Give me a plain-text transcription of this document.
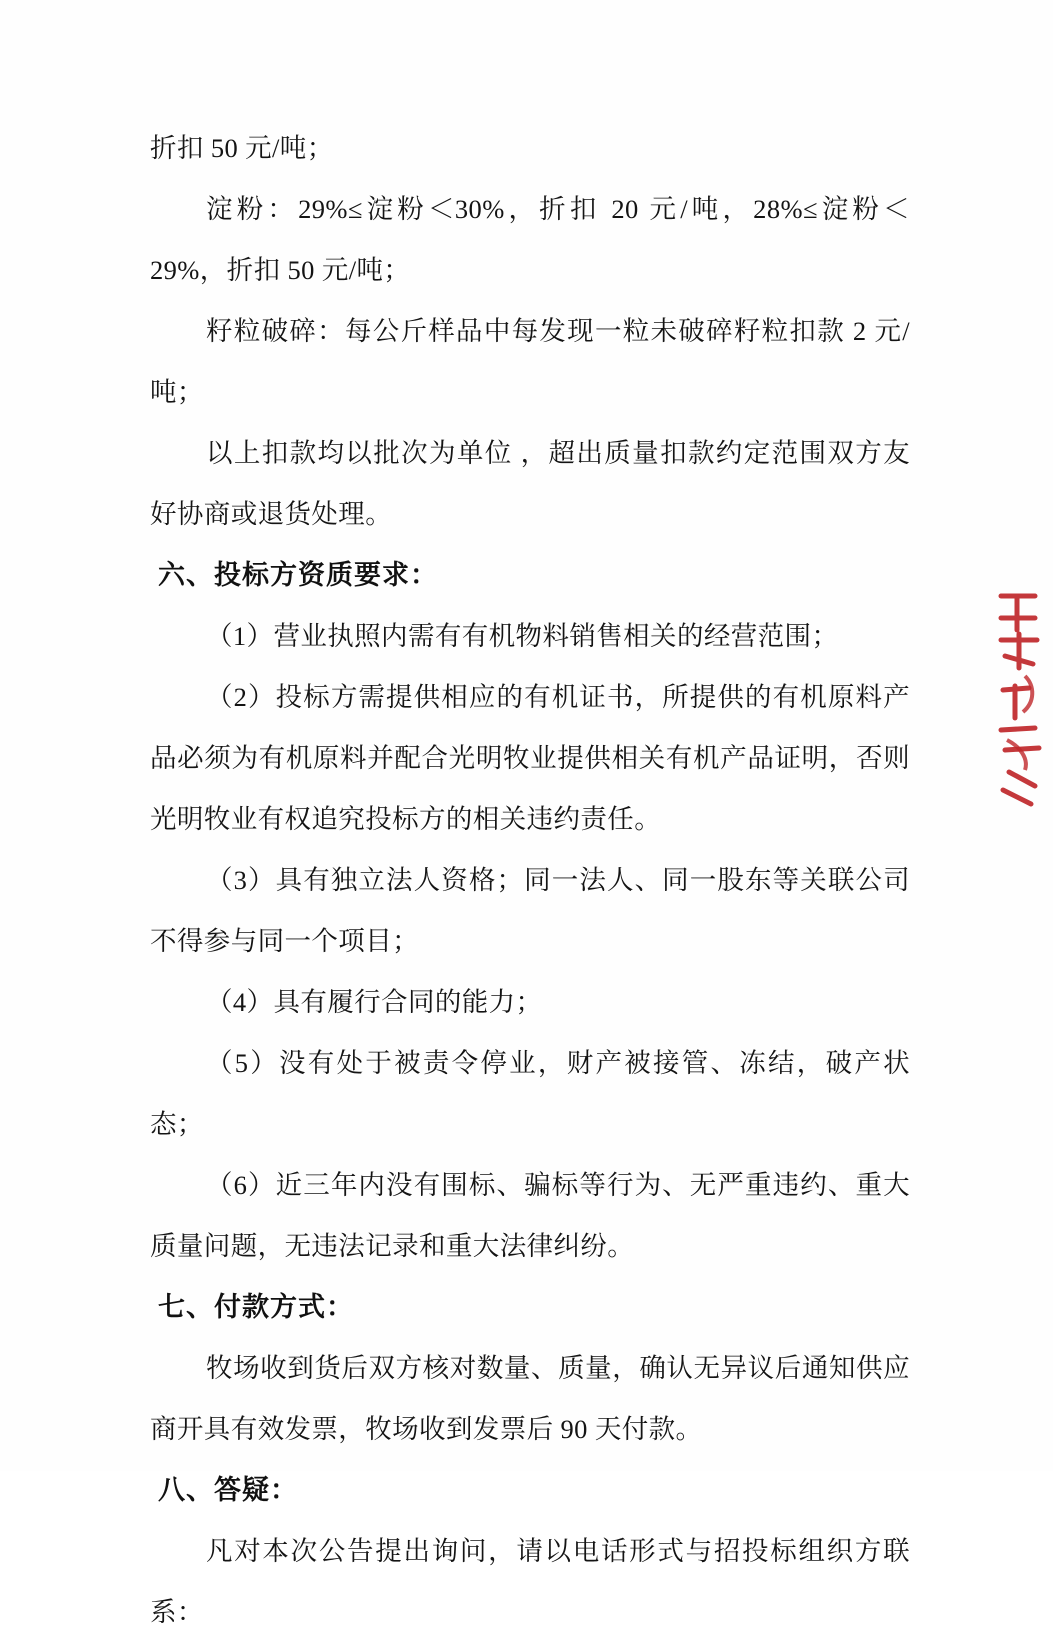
折扣 50 元/吨；

淀粉：29%≤淀粉＜30%，折扣 20 元/吨，28%≤淀粉＜29%，折扣 50 元/吨；

籽粒破碎：每公斤样品中每发现一粒未破碎籽粒扣款 2 元/吨；

以上扣款均以批次为单位 ，超出质量扣款约定范围双方友好协商或退货处理。

六、投标方资质要求：

（1）营业执照内需有有机物料销售相关的经营范围；

（2）投标方需提供相应的有机证书，所提供的有机原料产品必须为有机原料并配合光明牧业提供相关有机产品证明，否则光明牧业有权追究投标方的相关违约责任。

（3）具有独立法人资格；同一法人、同一股东等关联公司不得参与同一个项目；

（4）具有履行合同的能力；

（5）没有处于被责令停业，财产被接管、冻结，破产状态；

（6）近三年内没有围标、骗标等行为、无严重违约、重大质量问题，无违法记录和重大法律纠纷。

七、付款方式：

牧场收到货后双方核对数量、质量，确认无异议后通知供应商开具有效发票，牧场收到发票后 90 天付款。

八、答疑：

凡对本次公告提出询问，请以电话形式与招投标组织方联系：
